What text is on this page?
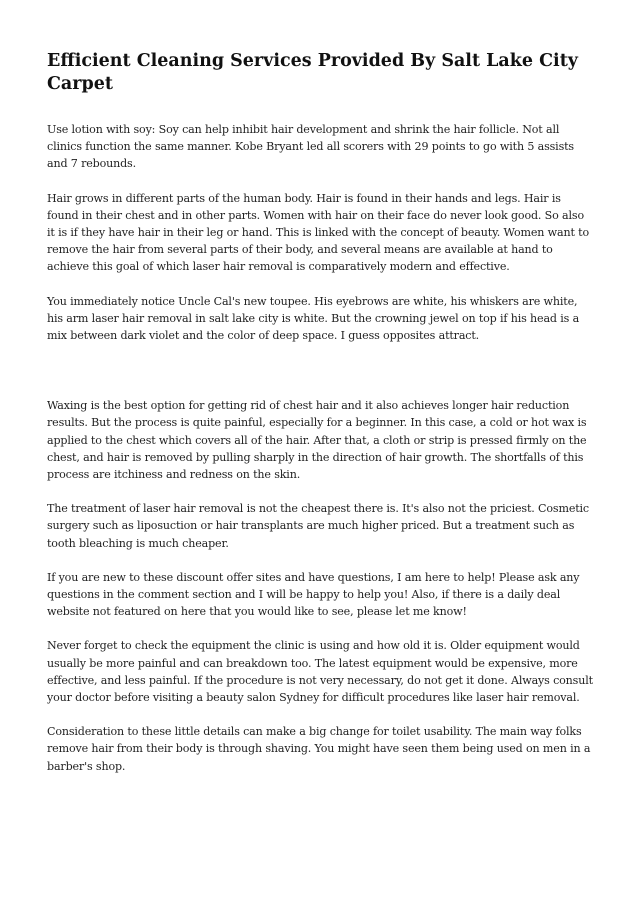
Efficient Cleaning Services Provided By Salt Lake City Carpet

Use lotion with soy: Soy can help inhibit hair development and shrink the hair follicle. Not all clinics function the same manner. Kobe Bryant led all scorers with 29 points to go with 5 assists and 7 rebounds.

Hair grows in different parts of the human body. Hair is found in their hands and legs. Hair is found in their chest and in other parts. Women with hair on their face do never look good. So also it is if they have hair in their leg or hand. This is linked with the concept of beauty. Women want to remove the hair from several parts of their body, and several means are available at hand to achieve this goal of which laser hair removal is comparatively modern and effective.

You immediately notice Uncle Cal's new toupee. His eyebrows are white, his whiskers are white, his arm laser hair removal in salt lake city is white. But the crowning jewel on top if his head is a mix between dark violet and the color of deep space. I guess opposites attract.

Waxing is the best option for getting rid of chest hair and it also achieves longer hair reduction results. But the process is quite painful, especially for a beginner. In this case, a cold or hot wax is applied to the chest which covers all of the hair. After that, a cloth or strip is pressed firmly on the chest, and hair is removed by pulling sharply in the direction of hair growth. The shortfalls of this process are itchiness and redness on the skin.

The treatment of laser hair removal is not the cheapest there is. It's also not the priciest. Cosmetic surgery such as liposuction or hair transplants are much higher priced. But a treatment such as tooth bleaching is much cheaper.

If you are new to these discount offer sites and have questions, I am here to help! Please ask any questions in the comment section and I will be happy to help you! Also, if there is a daily deal website not featured on here that you would like to see, please let me know!

Never forget to check the equipment the clinic is using and how old it is. Older equipment would usually be more painful and can breakdown too. The latest equipment would be expensive, more effective, and less painful. If the procedure is not very necessary, do not get it done. Always consult your doctor before visiting a beauty salon Sydney for difficult procedures like laser hair removal.

Consideration to these little details can make a big change for toilet usability. The main way folks remove hair from their body is through shaving. You might have seen them being used on men in a barber's shop.
